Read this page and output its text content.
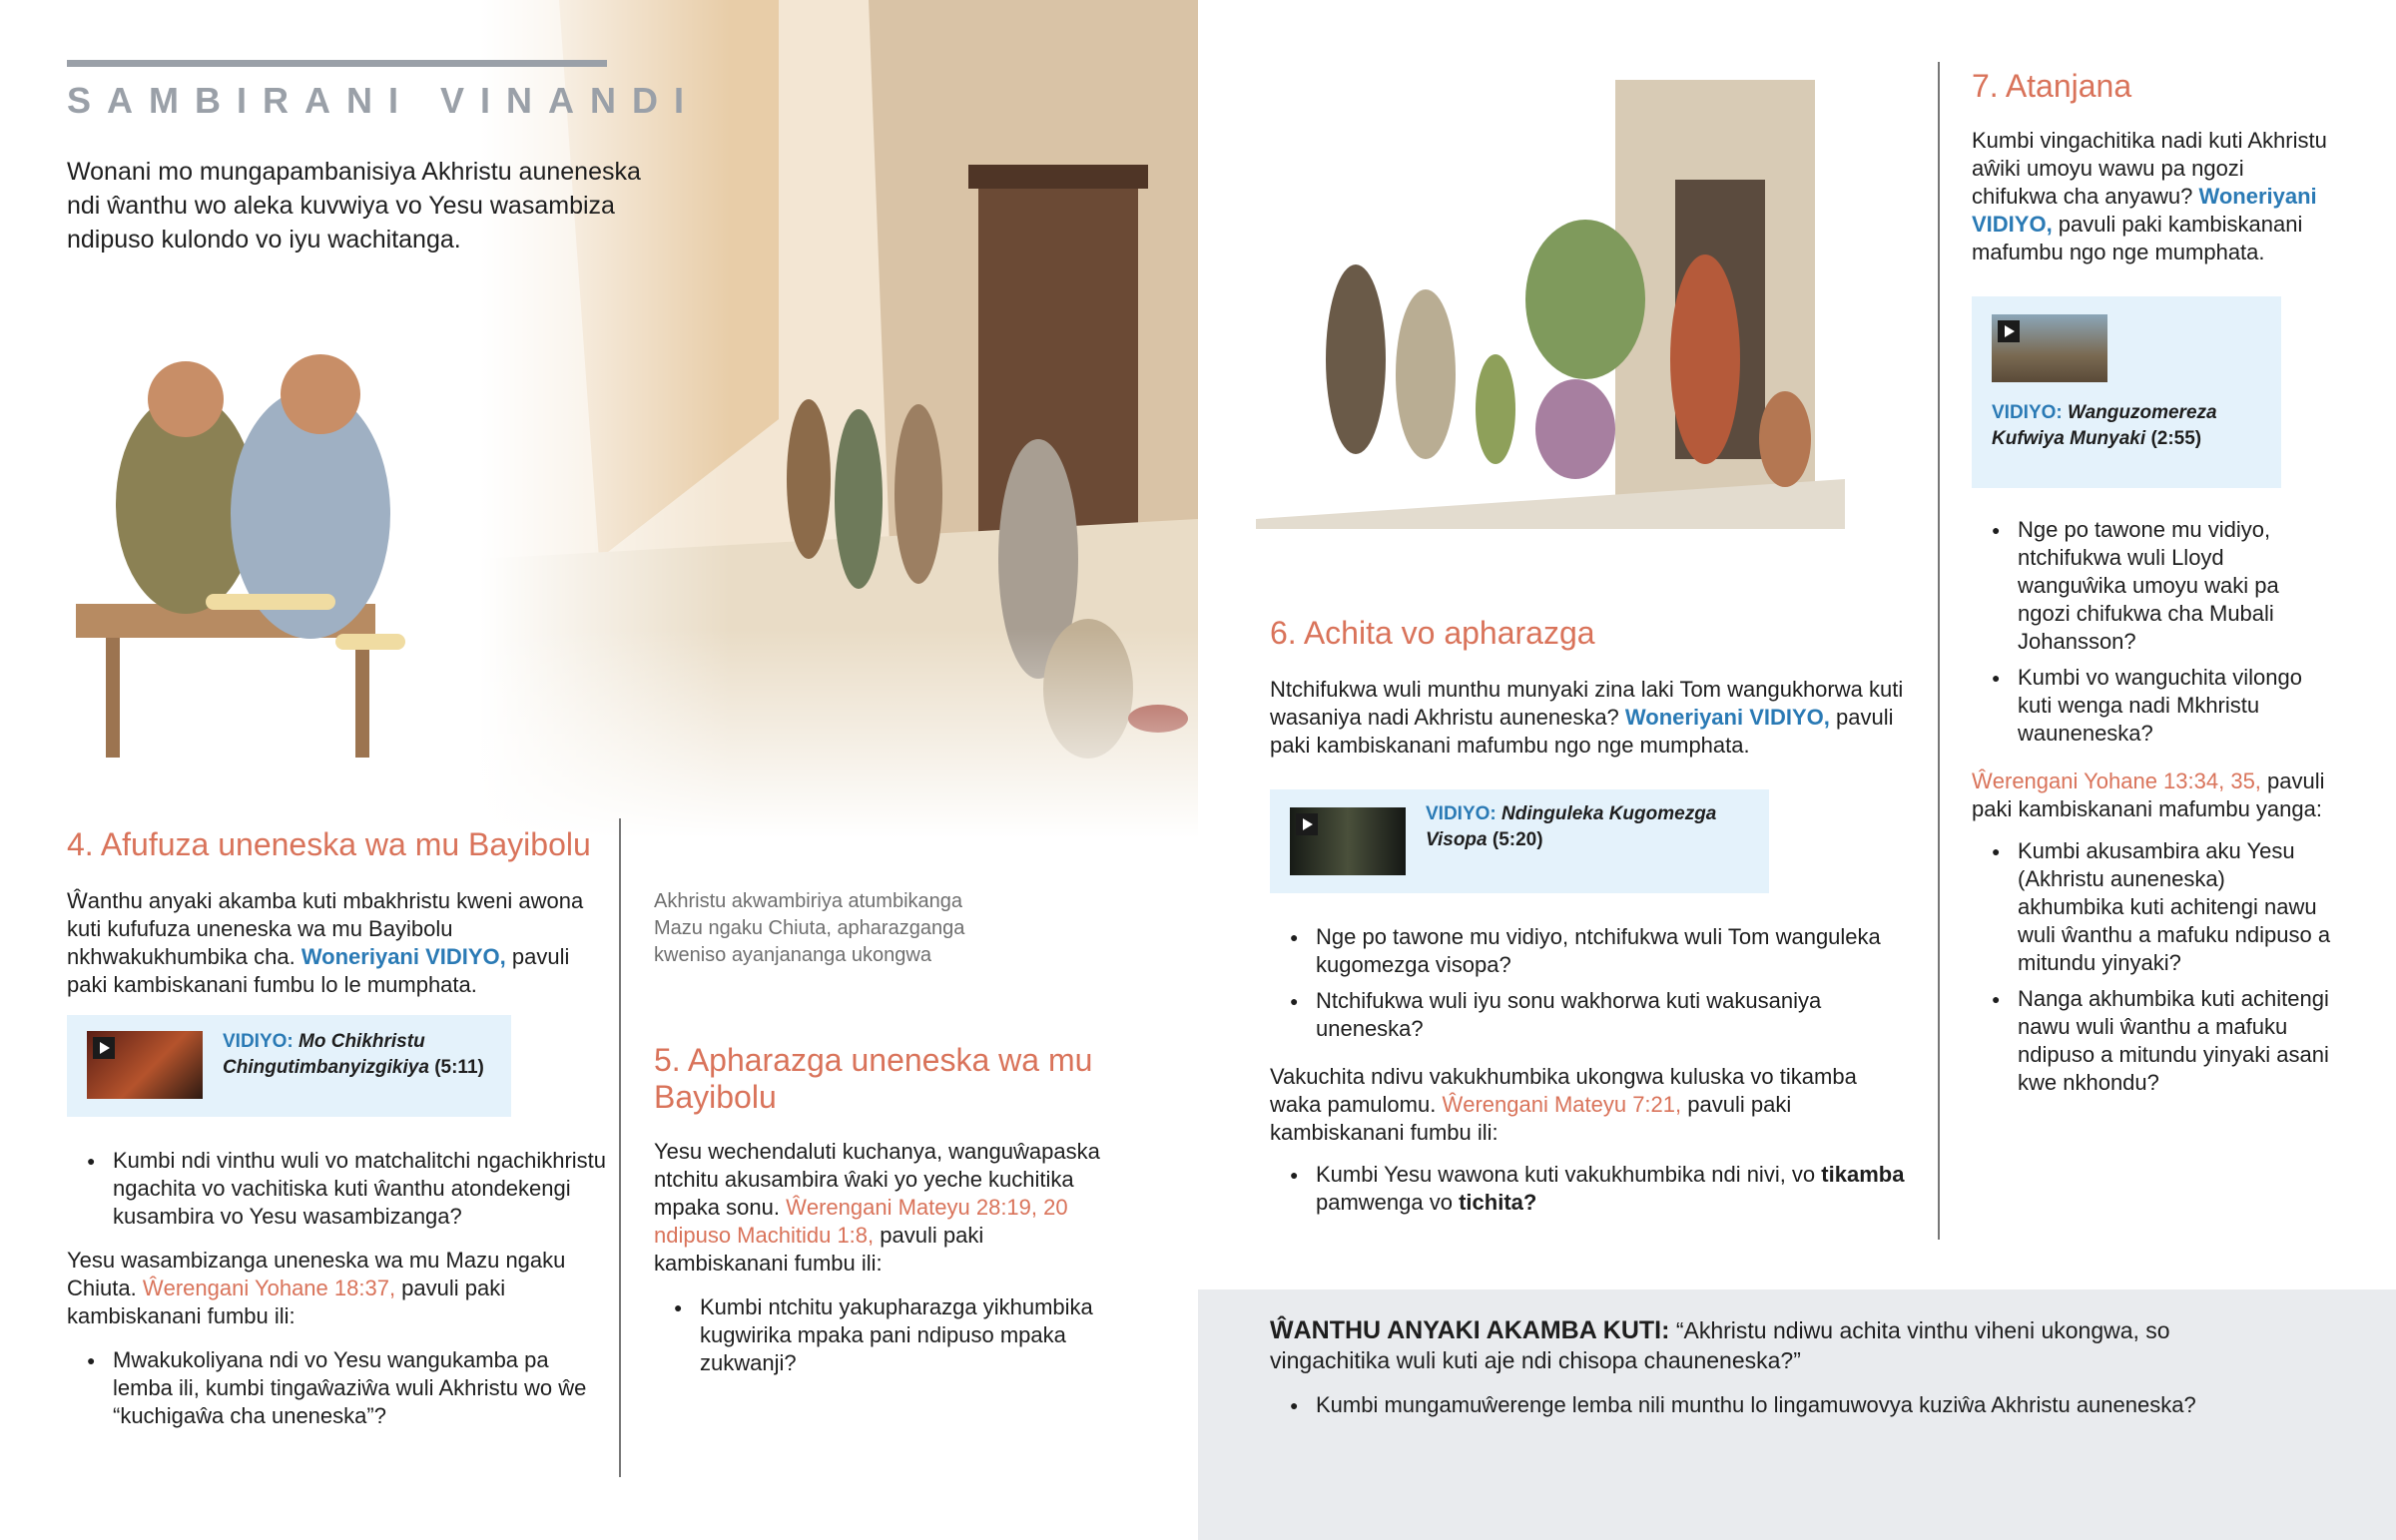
SAMBIRANI VINANDI

Wonani mo mungapambanisiya Akhristu auneneska ndi ŵanthu wo aleka kuvwiya vo Yesu wasambiza ndipuso kulondo vo iyu wachitanga.

Akhristu akwambiriya atumbikanga Mazu ngaku Chiuta, apharazganga kweniso ayanjananga ukongwa

4. Afufuza uneneska wa mu Bayibolu

Ŵanthu anyaki akamba kuti mbakhristu kweni awona kuti kufufuza uneneska wa mu Bayibolu nkhwakukhumbika cha. Woneriyani VIDIYO, pavuli paki kambiskanani fumbu lo le mumphata.

VIDIYO: Mo Chikhristu Chingutimbanyizgikiya (5:11)
● Kumbi ndi vinthu wuli vo matchalitchi ngachikhristu ngachita vo vachitiska kuti ŵanthu atondekengi kusambira vo Yesu wasambizanga?

Yesu wasambizanga uneneska wa mu Mazu ngaku Chiuta. Ŵerengani Yohane 18:37, pavuli paki kambiskanani fumbu ili:

● Mwakukoliyana ndi vo Yesu wangukamba pa lemba ili, kumbi tingaŵaziŵa wuli Akhristu wo ŵe “kuchigaŵa cha uneneska”?
5. Apharazga uneneska wa mu Bayibolu

Yesu wechendaluti kuchanya, wanguŵapaska ntchitu akusambira ŵaki yo yeche kuchitika mpaka sonu. Ŵerengani Mateyu 28:19, 20 ndipuso Machitidu 1:8, pavuli paki kambiskanani fumbu ili:

● Kumbi ntchitu yakupharazga yikhumbika kugwirika mpaka pani ndipuso mpaka zukwanji?
6. Achita vo apharazga

Ntchifukwa wuli munthu munyaki zina laki Tom wangukhorwa kuti wasaniya nadi Akhristu auneneska? Woneriyani VIDIYO, pavuli paki kambiskanani mafumbu ngo nge mumphata.

VIDIYO: Ndinguleka Kugomezga Visopa (5:20)
● Nge po tawone mu vidiyo, ntchifukwa wuli Tom wanguleka kugomezga visopa?
● Ntchifukwa wuli iyu sonu wakhorwa kuti wakusaniya uneneska?

Vakuchita ndivu vakukhumbika ukongwa kuluska vo tikamba waka pamulomu. Ŵerengani Mateyu 7:21, pavuli paki kambiskanani fumbu ili:

● Kumbi Yesu wawona kuti vakukhumbika ndi nivi, vo tikamba pamwenga vo tichita?
7. Atanjana

Kumbi vingachitika nadi kuti Akhristu aŵiki umoyu wawu pa ngozi chifukwa cha anyawu? Woneriyani VIDIYO, pavuli paki kambiskanani mafumbu ngo nge mumphata.

VIDIYO: Wanguzomereza Kufwiya Munyaki (2:55)
● Nge po tawone mu vidiyo, ntchifukwa wuli Lloyd wanguŵika umoyu waki pa ngozi chifukwa cha Mubali Johansson?
● Kumbi vo wanguchita vilongo kuti wenga nadi Mkhristu wauneneska?

Ŵerengani Yohane 13:34, 35, pavuli paki kambiskanani mafumbu yanga:

● Kumbi akusambira aku Yesu (Akhristu auneneska) akhumbika kuti achitengi nawu wuli ŵanthu a mafuku ndipuso a mitundu yinyaki?
● Nanga akhumbika kuti achitengi nawu wuli ŵanthu a mafuku ndipuso a mitundu yinyaki asani kwe nkhondu?

ŴANTHU ANYAKI AKAMBA KUTI: “Akhristu ndiwu achita vinthu viheni ukongwa, so vingachitika wuli kuti aje ndi chisopa chauneneska?”

● Kumbi mungamuŵerenge lemba nili munthu lo lingamuwovya kuziŵa Akhristu auneneska?
